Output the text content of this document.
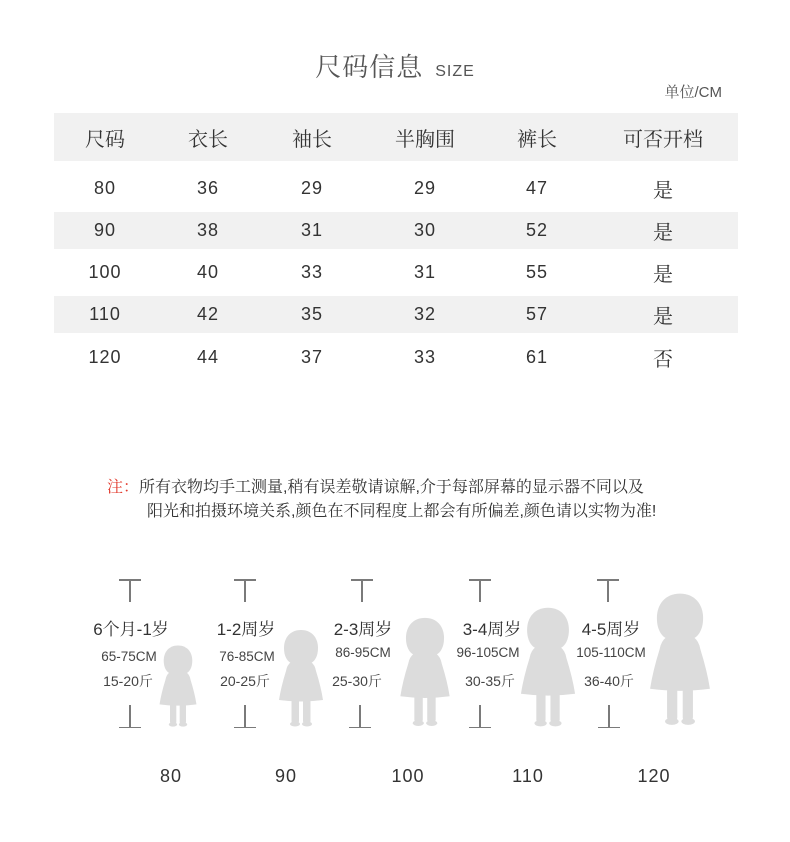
尺码信息 SIZE
单位/CM
尺码	衣长	袖长	半胸围	裤长	可否开档
80	36	29	29	47	是
90	38	31	30	52	是
100	40	33	31	55	是
110	42	35	32	57	是
120	44	37	33	61	否
注：所有衣物均手工测量,稍有误差敬请谅解,介于每部屏幕的显示器不同以及
阳光和拍摄环境关系,颜色在不同程度上都会有所偏差,颜色请以实物为准!
6个月-1岁
65-75CM
15-20斤
80
1-2周岁
76-85CM
20-25斤
90
2-3周岁
86-95CM
25-30斤
100
3-4周岁
96-105CM
30-35斤
110
4-5周岁
105-110CM
36-40斤
120
